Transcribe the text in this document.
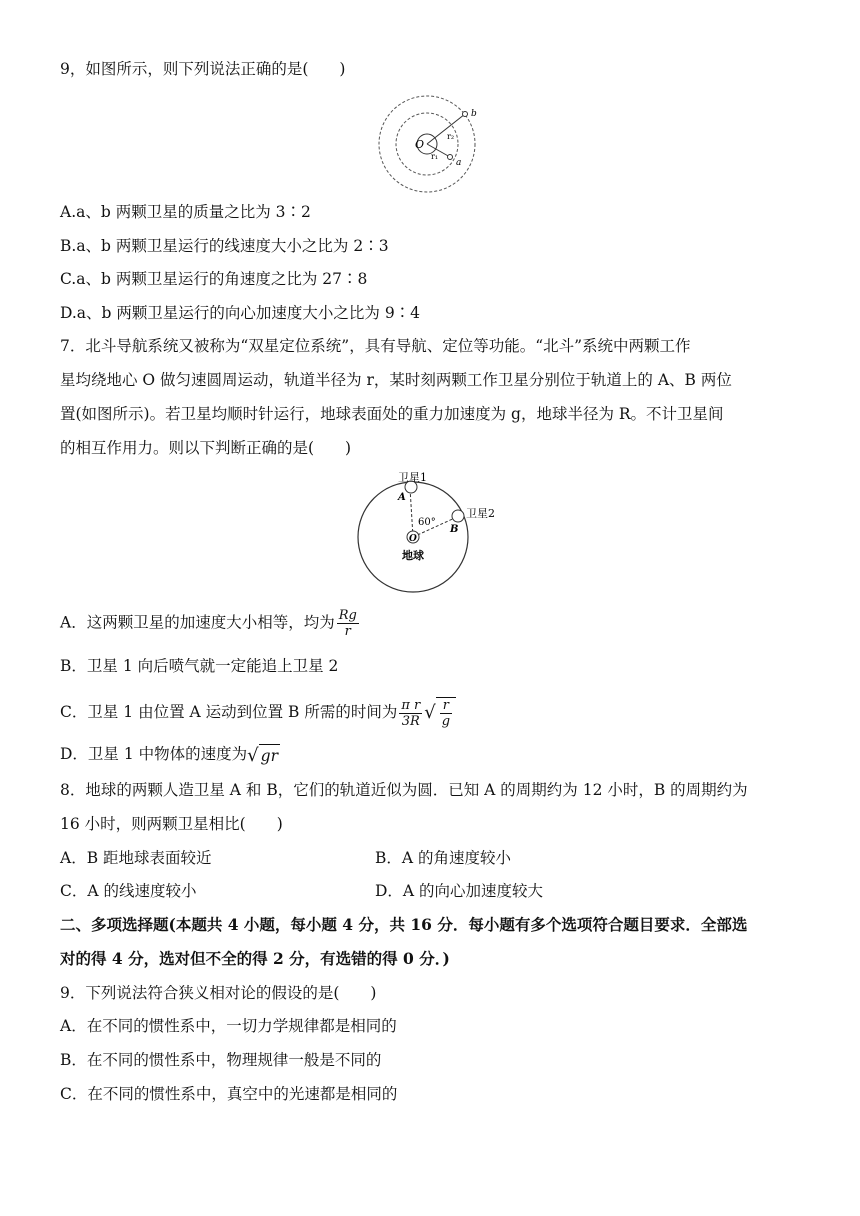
9，如图所示，则下列说法正确的是(　　)
O
r₁
r₂
a
b
A.a、b 两颗卫星的质量之比为 3∶2
B.a、b 两颗卫星运行的线速度大小之比为 2∶3
C.a、b 两颗卫星运行的角速度之比为 27∶8
D.a、b 两颗卫星运行的向心加速度大小之比为 9∶4
7．北斗导航系统又被称为“双星定位系统”，具有导航、定位等功能。“北斗”系统中两颗工作
星均绕地心 O 做匀速圆周运动，轨道半径为 r，某时刻两颗工作卫星分别位于轨道上的 A、B 两位
置(如图所示)。若卫星均顺时针运行，地球表面处的重力加速度为 g，地球半径为 R。不计卫星间
的相互作用力。则以下判断正确的是(　　)
卫星1
卫星2
A
B
60°
O
地球
A．这两颗卫星的加速度大小相等，均为 $\frac{Rg}{r}$
B．卫星 1 向后喷气就一定能追上卫星 2
C．卫星 1 由位置 A 运动到位置 B 所需的时间为 $\frac{\text{π r}}{3R}$ √ $\frac{r}{g}$
D．卫星 1 中物体的速度为√ gr
8．地球的两颗人造卫星 A 和 B，它们的轨道近似为圆．已知 A 的周期约为 12 小时，B 的周期约为
16 小时，则两颗卫星相比(　　)
A．B 距地球表面较近	B．A 的角速度较小
C．A 的线速度较小	D．A 的向心加速度较大
二、多项选择题(本题共 4 小题，每小题 4 分，共 16 分．每小题有多个选项符合题目要求．全部选
对的得 4 分，选对但不全的得 2 分，有选错的得 0 分．)
9．下列说法符合狭义相对论的假设的是(　　)
A．在不同的惯性系中，一切力学规律都是相同的
B．在不同的惯性系中，物理规律一般是不同的
C．在不同的惯性系中，真空中的光速都是相同的
